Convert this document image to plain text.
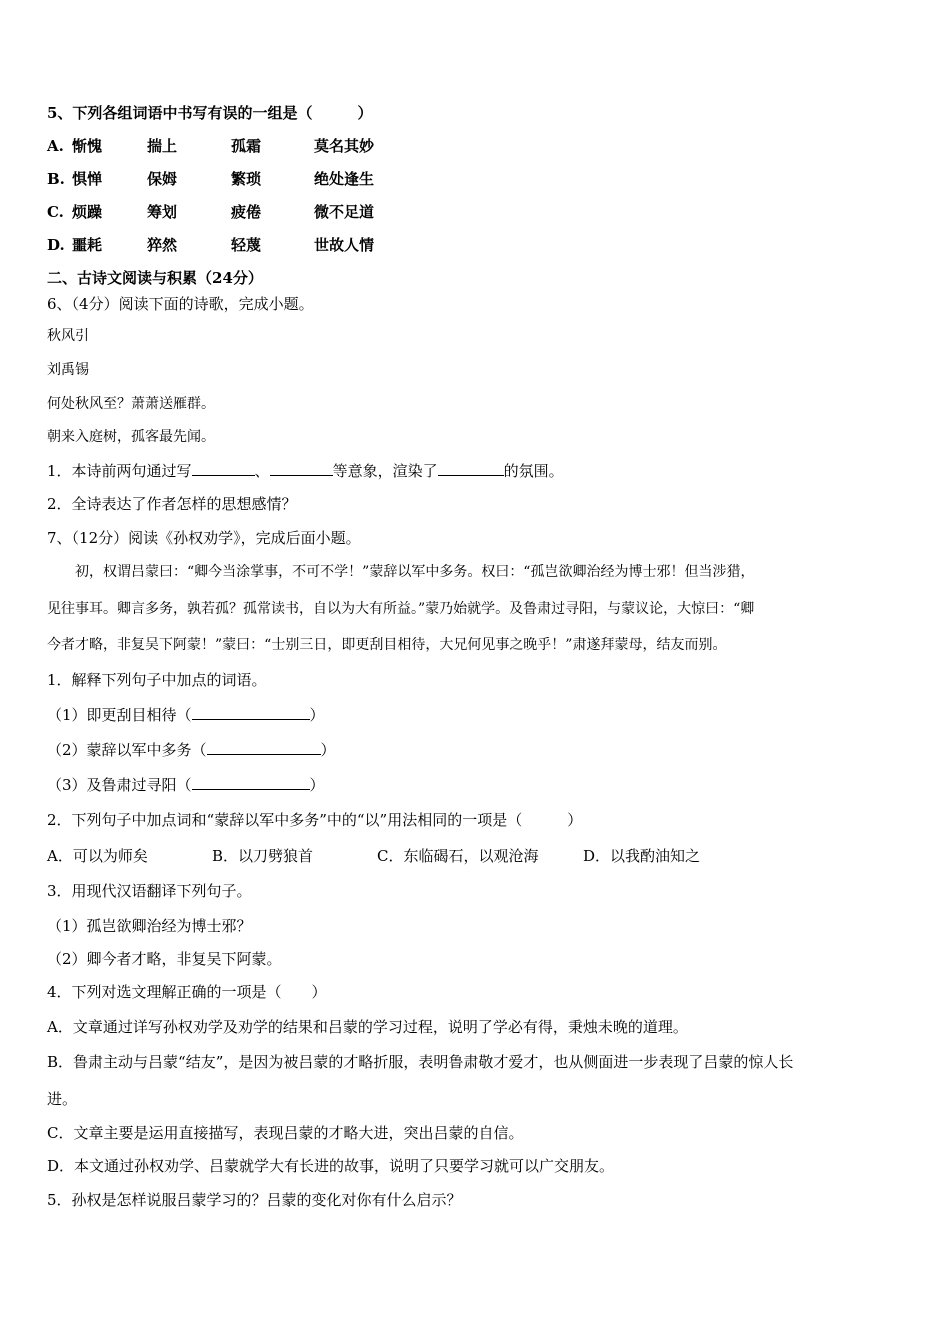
5、下列各组词语中书写有误的一组是（　　　）
A. 惭愧	揣上	孤霜	莫名其妙
B. 惧惮	保姆	繁琐	绝处逢生
C. 烦躁	筹划	疲倦	微不足道
D. 噩耗	猝然	轻蔑	世故人情
二、古诗文阅读与积累（24分）
6、（4分）阅读下面的诗歌，完成小题。
秋风引
刘禹锡
何处秋风至？萧萧送雁群。
朝来入庭树，孤客最先闻。
1．本诗前两句通过写	、	等意象，渲染了	的氛围。
2．全诗表达了作者怎样的思想感情？
7、（12分）阅读《孙权劝学》，完成后面小题。
　　初，权谓吕蒙曰：“卿今当涂掌事，不可不学！”蒙辞以军中多务。权曰：“孤岂欲卿治经为博士邪！但当涉猎，
见往事耳。卿言多务，孰若孤？孤常读书，自以为大有所益。”蒙乃始就学。及鲁肃过寻阳，与蒙议论，大惊曰：“卿
今者才略，非复吴下阿蒙！”蒙曰：“士别三日，即更刮目相待，大兄何见事之晚乎！”肃遂拜蒙母，结友而别。
1．解释下列句子中加点的词语。
（1）即更刮目相待（	）
（2）蒙辞以军中多务（	）
（3）及鲁肃过寻阳（	）
2．下列句子中加点词和“蒙辞以军中多务”中的“以”用法相同的一项是（　　　）
A．可以为师矣	B．以刀劈狼首	C．东临碣石，以观沧海	D．以我酌油知之
3．用现代汉语翻译下列句子。
（1）孤岂欲卿治经为博士邪？
（2）卿今者才略，非复吴下阿蒙。
4．下列对选文理解正确的一项是（　　）
A．文章通过详写孙权劝学及劝学的结果和吕蒙的学习过程，说明了学必有得，秉烛未晚的道理。
B．鲁肃主动与吕蒙“结友”，是因为被吕蒙的才略折服，表明鲁肃敬才爱才，也从侧面进一步表现了吕蒙的惊人长
进。
C．文章主要是运用直接描写，表现吕蒙的才略大进，突出吕蒙的自信。
D．本文通过孙权劝学、吕蒙就学大有长进的故事，说明了只要学习就可以广交朋友。
5．孙权是怎样说服吕蒙学习的？吕蒙的变化对你有什么启示？
